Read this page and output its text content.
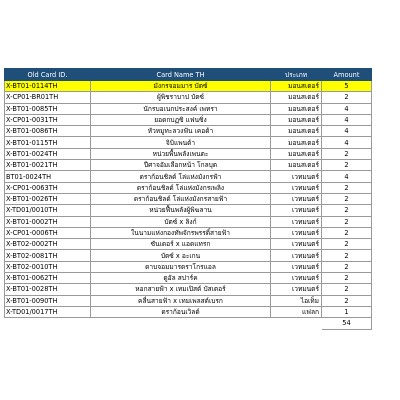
Old Card ID.	Card Name TH	ประเภท	Amount
X-BT01-0114TH	มังกรจอมมาร บัตซ์	มอนสเตอร์	5
X-CP01-BR01TH	ผู้พิชราบาป บัตซ์	มอนสเตอร์	2
X-BT01-0085TH	นักรบอเนกประสงค์ เพทรา	มอนสเตอร์	4
X-CP01-0031TH	ยอดกบฏซิ แฟนซิ่ง	มอนสเตอร์	4
X-BT01-0086TH	หัวหมูทะลวงฟัน เคอด้า	มอนสเตอร์	4
X-BT01-0115TH	จิบิแพนด้า	มอนสเตอร์	4
X-BT01-0024TH	หน่วยพื้นพลังเพนตะ	มอนสเตอร์	2
X-BT01-0021TH	ปีศาจอัมเลือกหน้า โกลบุต	มอนสเตอร์	2
BT01-0024TH	ดราก้อนชิลด์ โล่แห่งมังกรฟ้า	เวทมนตร์	4
X-CP01-0063TH	ดราก้อนชิลด์ โล่แห่งมังกรเพลิง	เวทมนตร์	2
X-BT01-0026TH	ดราก้อนชิลด์ โล่แห่งมังกรสายฟ้า	เวทมนตร์	2
X-TD01/0010TH	หน่วยฟื้นพลังผู้พิฆลาน	เวทมนตร์	2
X-BT01-0002TH	บัตซ์ x ลิงก์	เวทมนตร์	2
X-CP01-0006TH	ในนามแห่งกองทัพจักรพรรดิ์สายฟ้า	เวทมนตร์	2
X-BT02-0002TH	ซันเดอร์ x แอดแทรก	เวทมนตร์	2
X-BT02-0081TH	บัตซ์ x อะเกน	เวทมนตร์	2
X-BT02-0010TH	ดาบจอมมารดราโกรแอล	เวทมนตร์	2
X-BT01-0062TH	ดูอัล สปาร์ค	เวทมนตร์	2
X-BT01-0028TH	หอกสายฟ้า x เทมเปิสต์ บัสเตอร์	เวทมนตร์	2
X-BT01-0090TH	คลื่นสายฟ้า x เทมเพลสต์เบรก	ไอเท็ม	2
X-TD01/0017TH	ดราก้อนเวิลด์	แฟลก	1
			54
